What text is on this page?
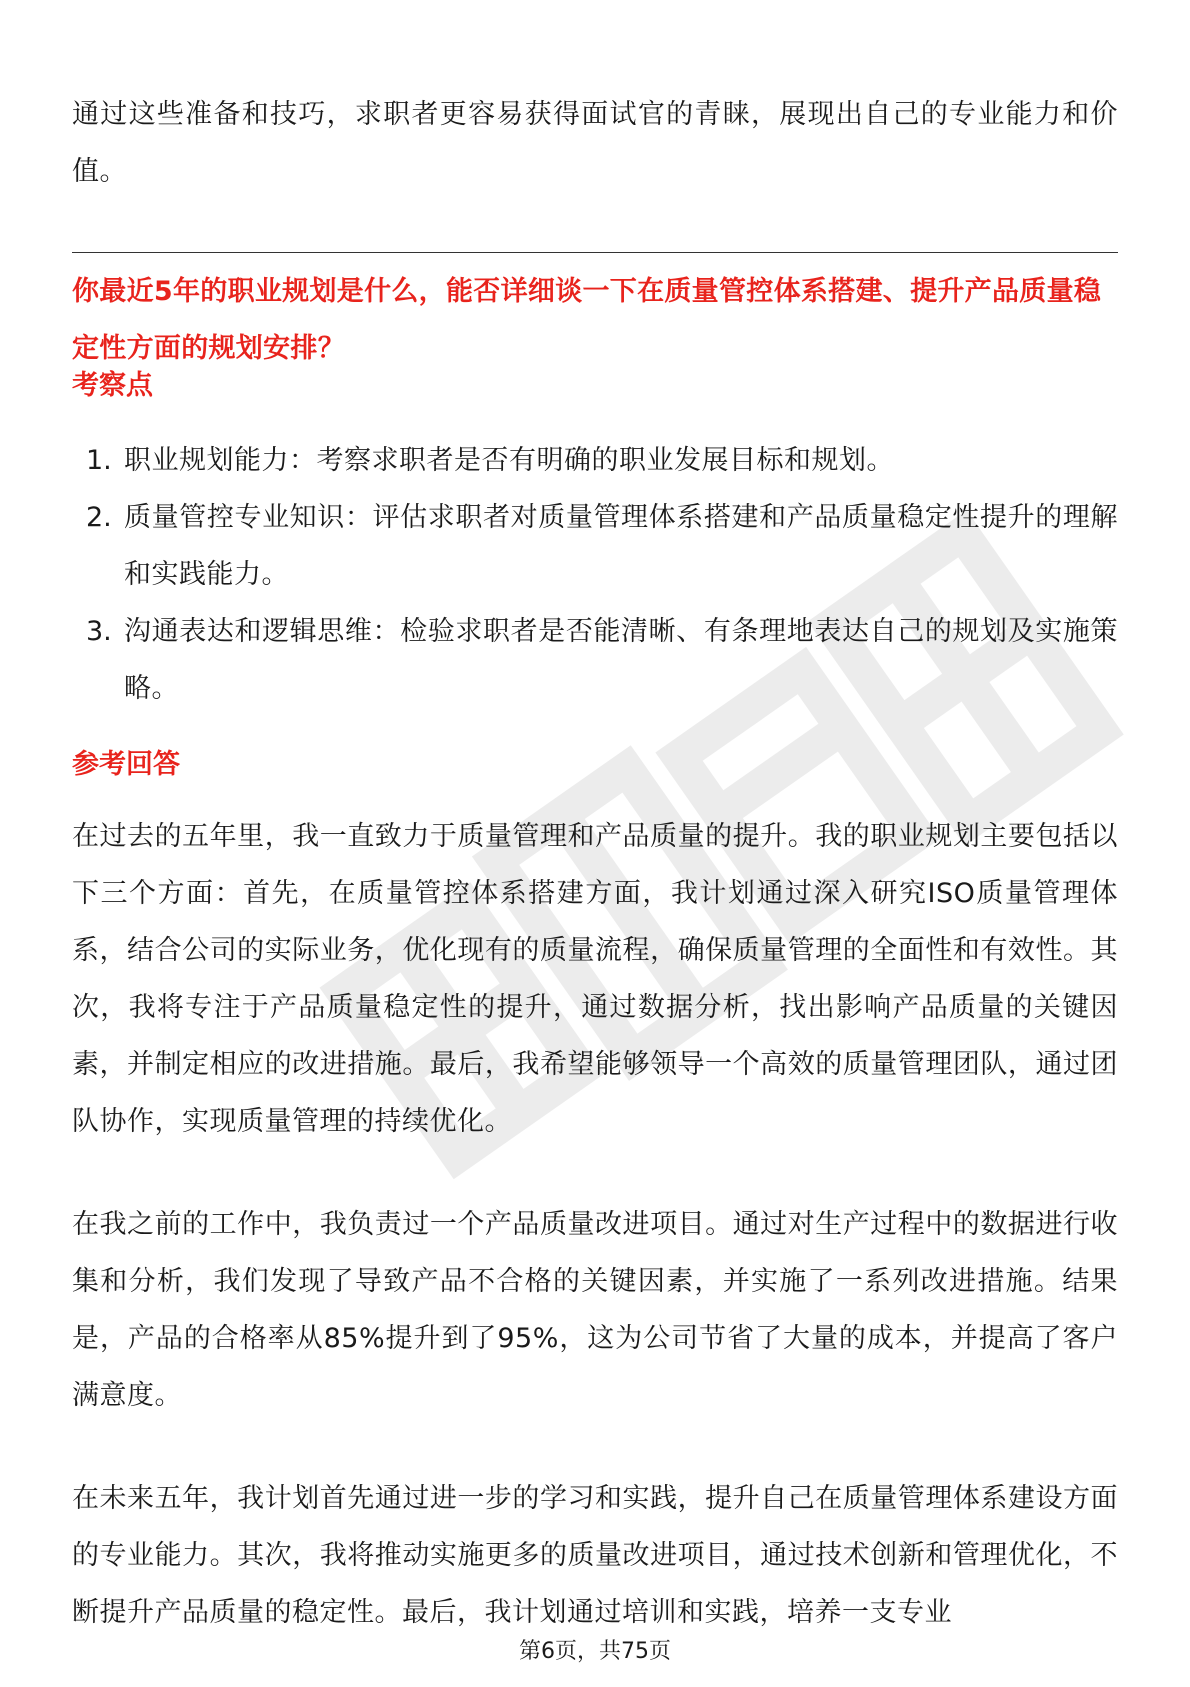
通过这些准备和技巧，求职者更容易获得面试官的青睐，展现出自己的专业能力和价值。

你最近5年的职业规划是什么，能否详细谈一下在质量管控体系搭建、提升产品质量稳定性方面的规划安排？

考察点

1. 职业规划能力：考察求职者是否有明确的职业发展目标和规划。
2. 质量管控专业知识：评估求职者对质量管理体系搭建和产品质量稳定性提升的理解和实践能力。
3. 沟通表达和逻辑思维：检验求职者是否能清晰、有条理地表达自己的规划及实施策略。

参考回答

在过去的五年里，我一直致力于质量管理和产品质量的提升。我的职业规划主要包括以下三个方面：首先，在质量管控体系搭建方面，我计划通过深入研究ISO质量管理体系，结合公司的实际业务，优化现有的质量流程，确保质量管理的全面性和有效性。其次，我将专注于产品质量稳定性的提升，通过数据分析，找出影响产品质量的关键因素，并制定相应的改进措施。最后，我希望能够领导一个高效的质量管理团队，通过团队协作，实现质量管理的持续优化。

在我之前的工作中，我负责过一个产品质量改进项目。通过对生产过程中的数据进行收集和分析，我们发现了导致产品不合格的关键因素，并实施了一系列改进措施。结果是，产品的合格率从85%提升到了95%，这为公司节省了大量的成本，并提高了客户满意度。

在未来五年，我计划首先通过进一步的学习和实践，提升自己在质量管理体系建设方面的专业能力。其次，我将推动实施更多的质量改进项目，通过技术创新和管理优化，不断提升产品质量的稳定性。最后，我计划通过培训和实践，培养一支专业

第6页，共75页
